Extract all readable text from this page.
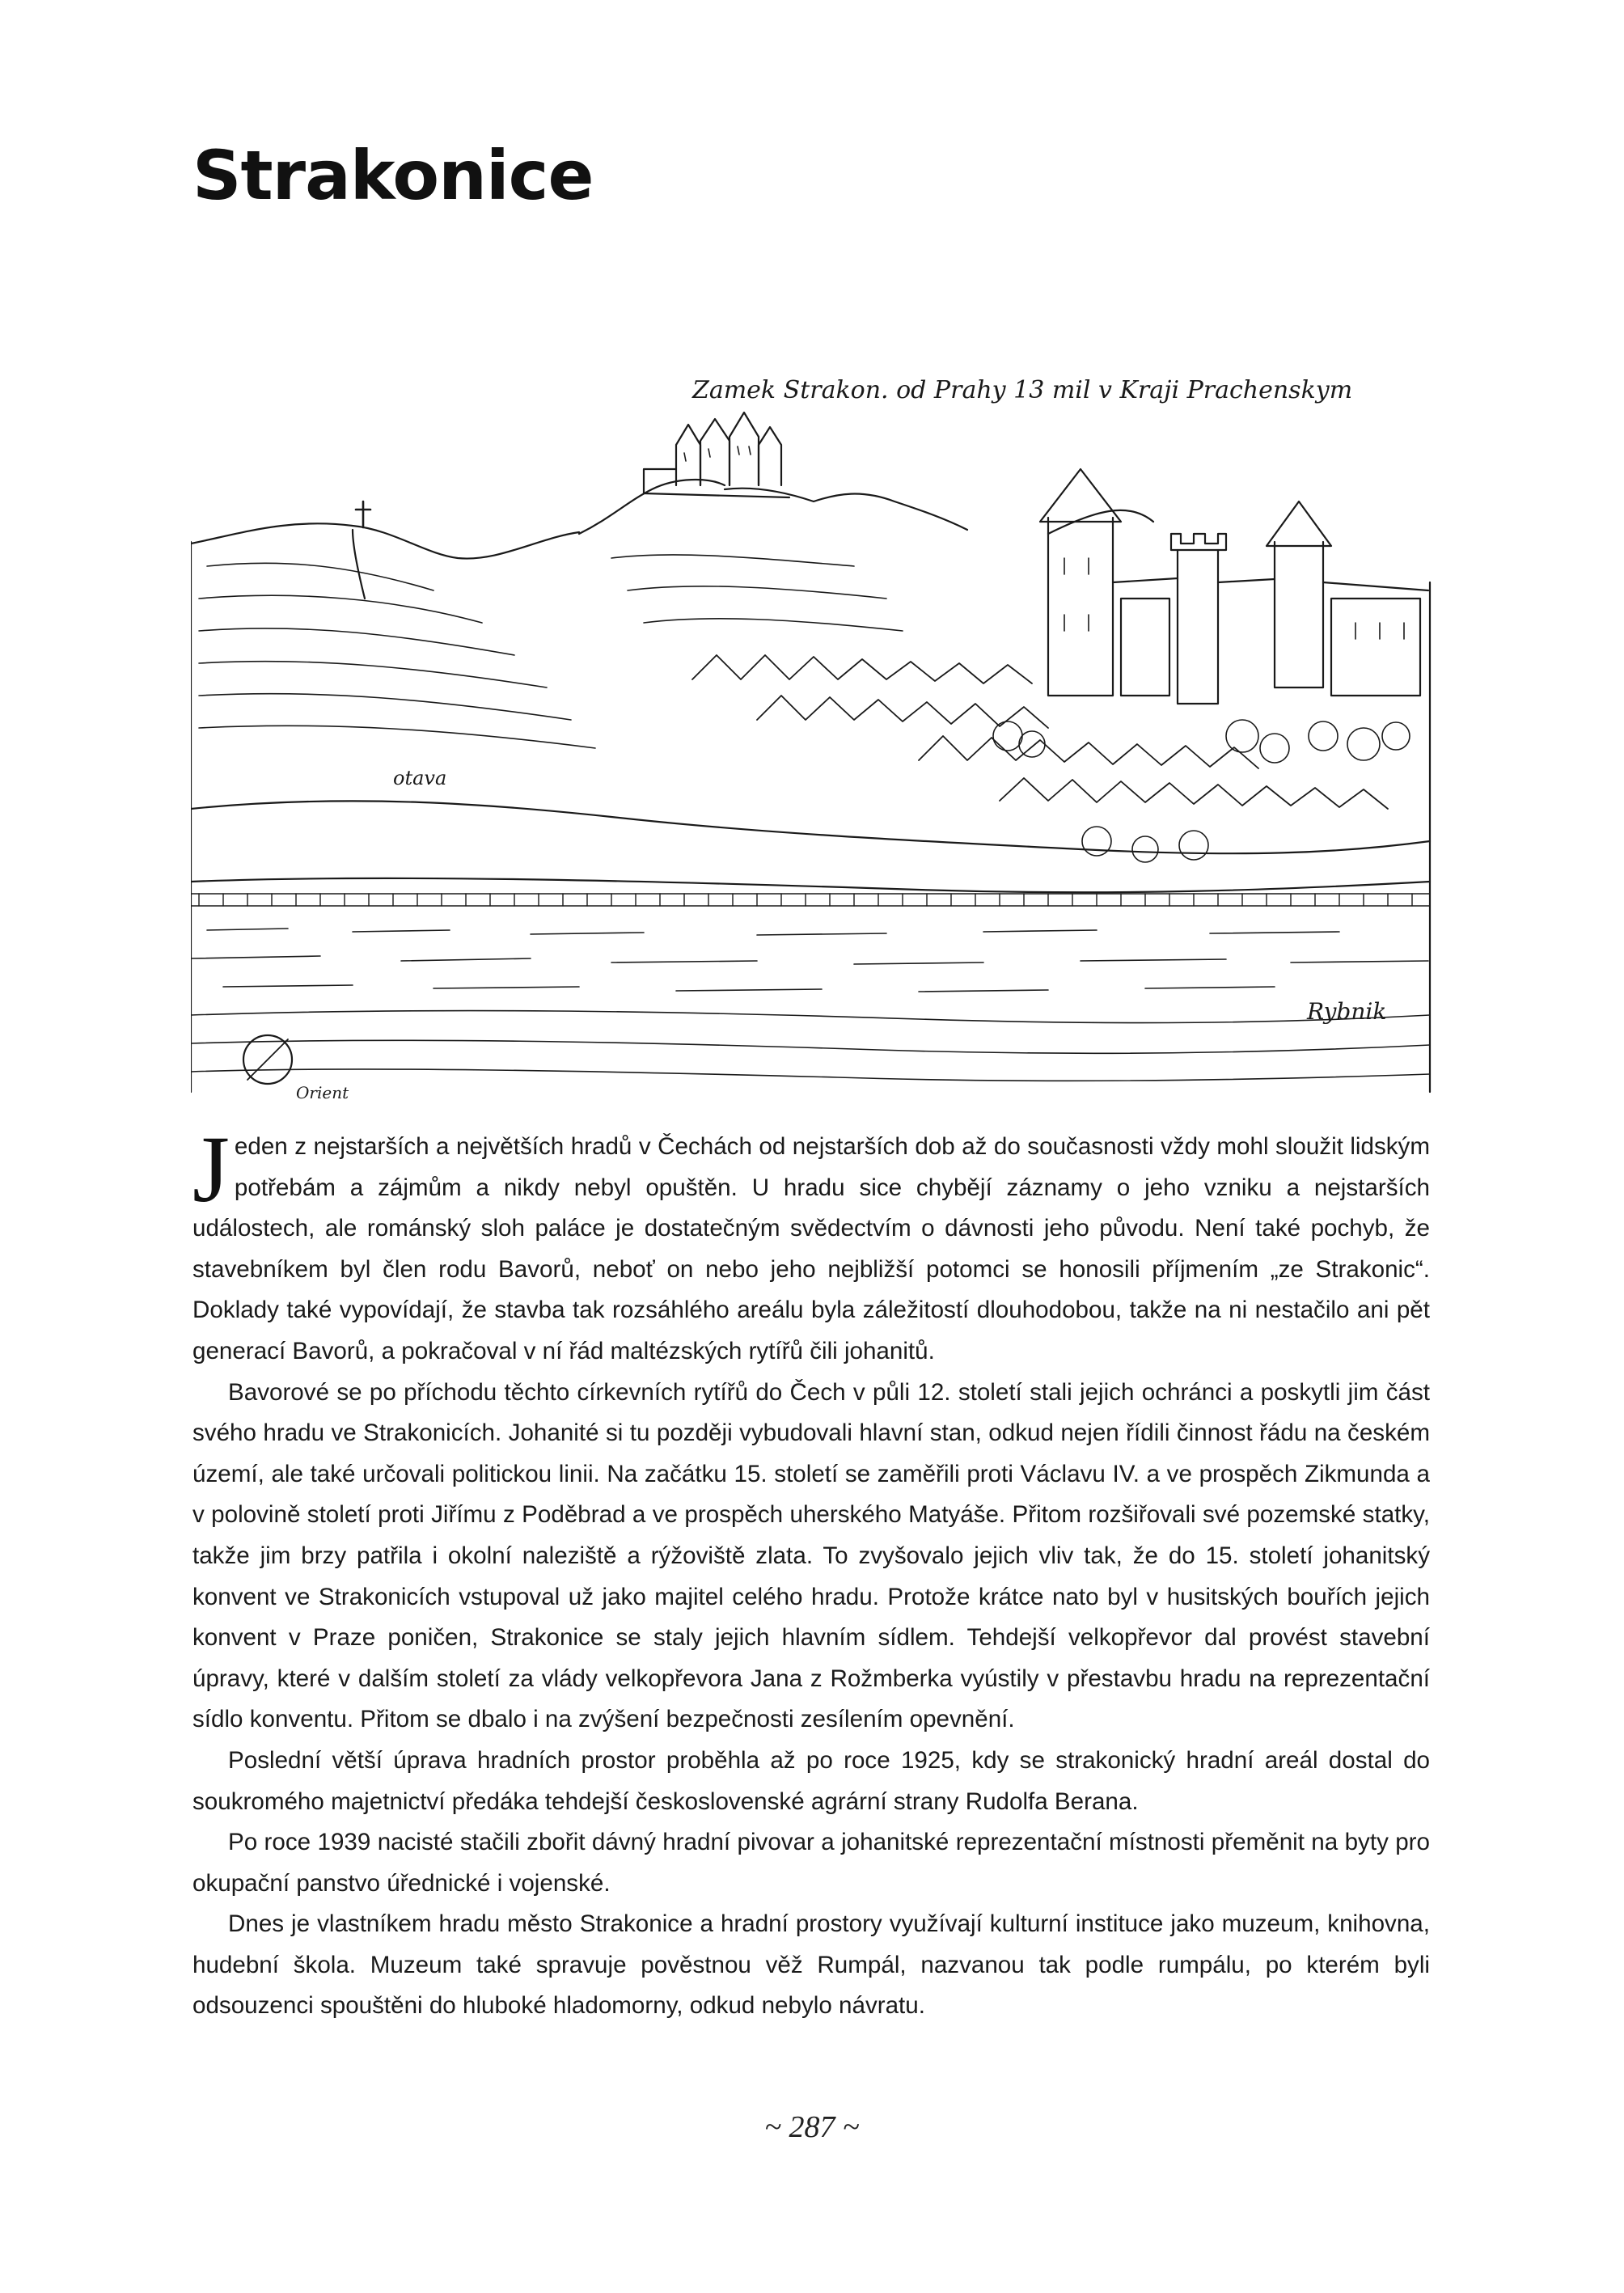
Strakonice
Zamek Strakon. od Prahy 13 mil v Kraji Prachenskym
otava
Rybnik
Orient

Jeden z nejstarších a největších hradů v Čechách od nejstarších dob až do současnosti vždy mohl sloužit lidským potřebám a zájmům a nikdy nebyl opuštěn. U hradu sice chybějí záznamy o jeho vzniku a nejstarších událostech, ale románský sloh paláce je dostatečným svědectvím o dávnosti jeho původu. Není také pochyb, že stavebníkem byl člen rodu Bavorů, neboť on nebo jeho nejbližší potomci se honosili příjmením „ze Strakonic“. Doklady také vypovídají, že stavba tak rozsáhlého areálu byla záležitostí dlouhodobou, takže na ni nestačilo ani pět generací Bavorů, a pokračoval v ní řád maltézských rytířů čili johanitů.

Bavorové se po příchodu těchto církevních rytířů do Čech v půli 12. století stali jejich ochránci a poskytli jim část svého hradu ve Strakonicích. Johanité si tu později vybudovali hlavní stan, odkud nejen řídili činnost řádu na českém území, ale také určovali politickou linii. Na začátku 15. století se zaměřili proti Václavu IV. a ve prospěch Zikmunda a v polovině století proti Jiřímu z Poděbrad a ve prospěch uherského Matyáše. Přitom rozšiřovali své pozemské statky, takže jim brzy patřila i okolní naleziště a rýžoviště zlata. To zvyšovalo jejich vliv tak, že do 15. století johanitský konvent ve Strakonicích vstupoval už jako majitel celého hradu. Protože krátce nato byl v husitských bouřích jejich konvent v Praze poničen, Strakonice se staly jejich hlavním sídlem. Tehdejší velkopřevor dal provést stavební úpravy, které v dalším století za vlády velkopřevora Jana z Rožmberka vyústily v přestavbu hradu na reprezentační sídlo konventu. Přitom se dbalo i na zvýšení bezpečnosti zesílením opevnění.

Poslední větší úprava hradních prostor proběhla až po roce 1925, kdy se strakonický hradní areál dostal do soukromého majetnictví předáka tehdejší československé agrární strany Rudolfa Berana.

Po roce 1939 nacisté stačili zbořit dávný hradní pivovar a johanitské reprezentační místnosti přeměnit na byty pro okupační panstvo úřednické i vojenské.

Dnes je vlastníkem hradu město Strakonice a hradní prostory využívají kulturní instituce jako muzeum, knihovna, hudební škola. Muzeum také spravuje pověstnou věž Rumpál, nazvanou tak podle rumpálu, po kterém byli odsouzenci spouštěni do hluboké hladomorny, odkud nebylo návratu.

~ 287 ~
